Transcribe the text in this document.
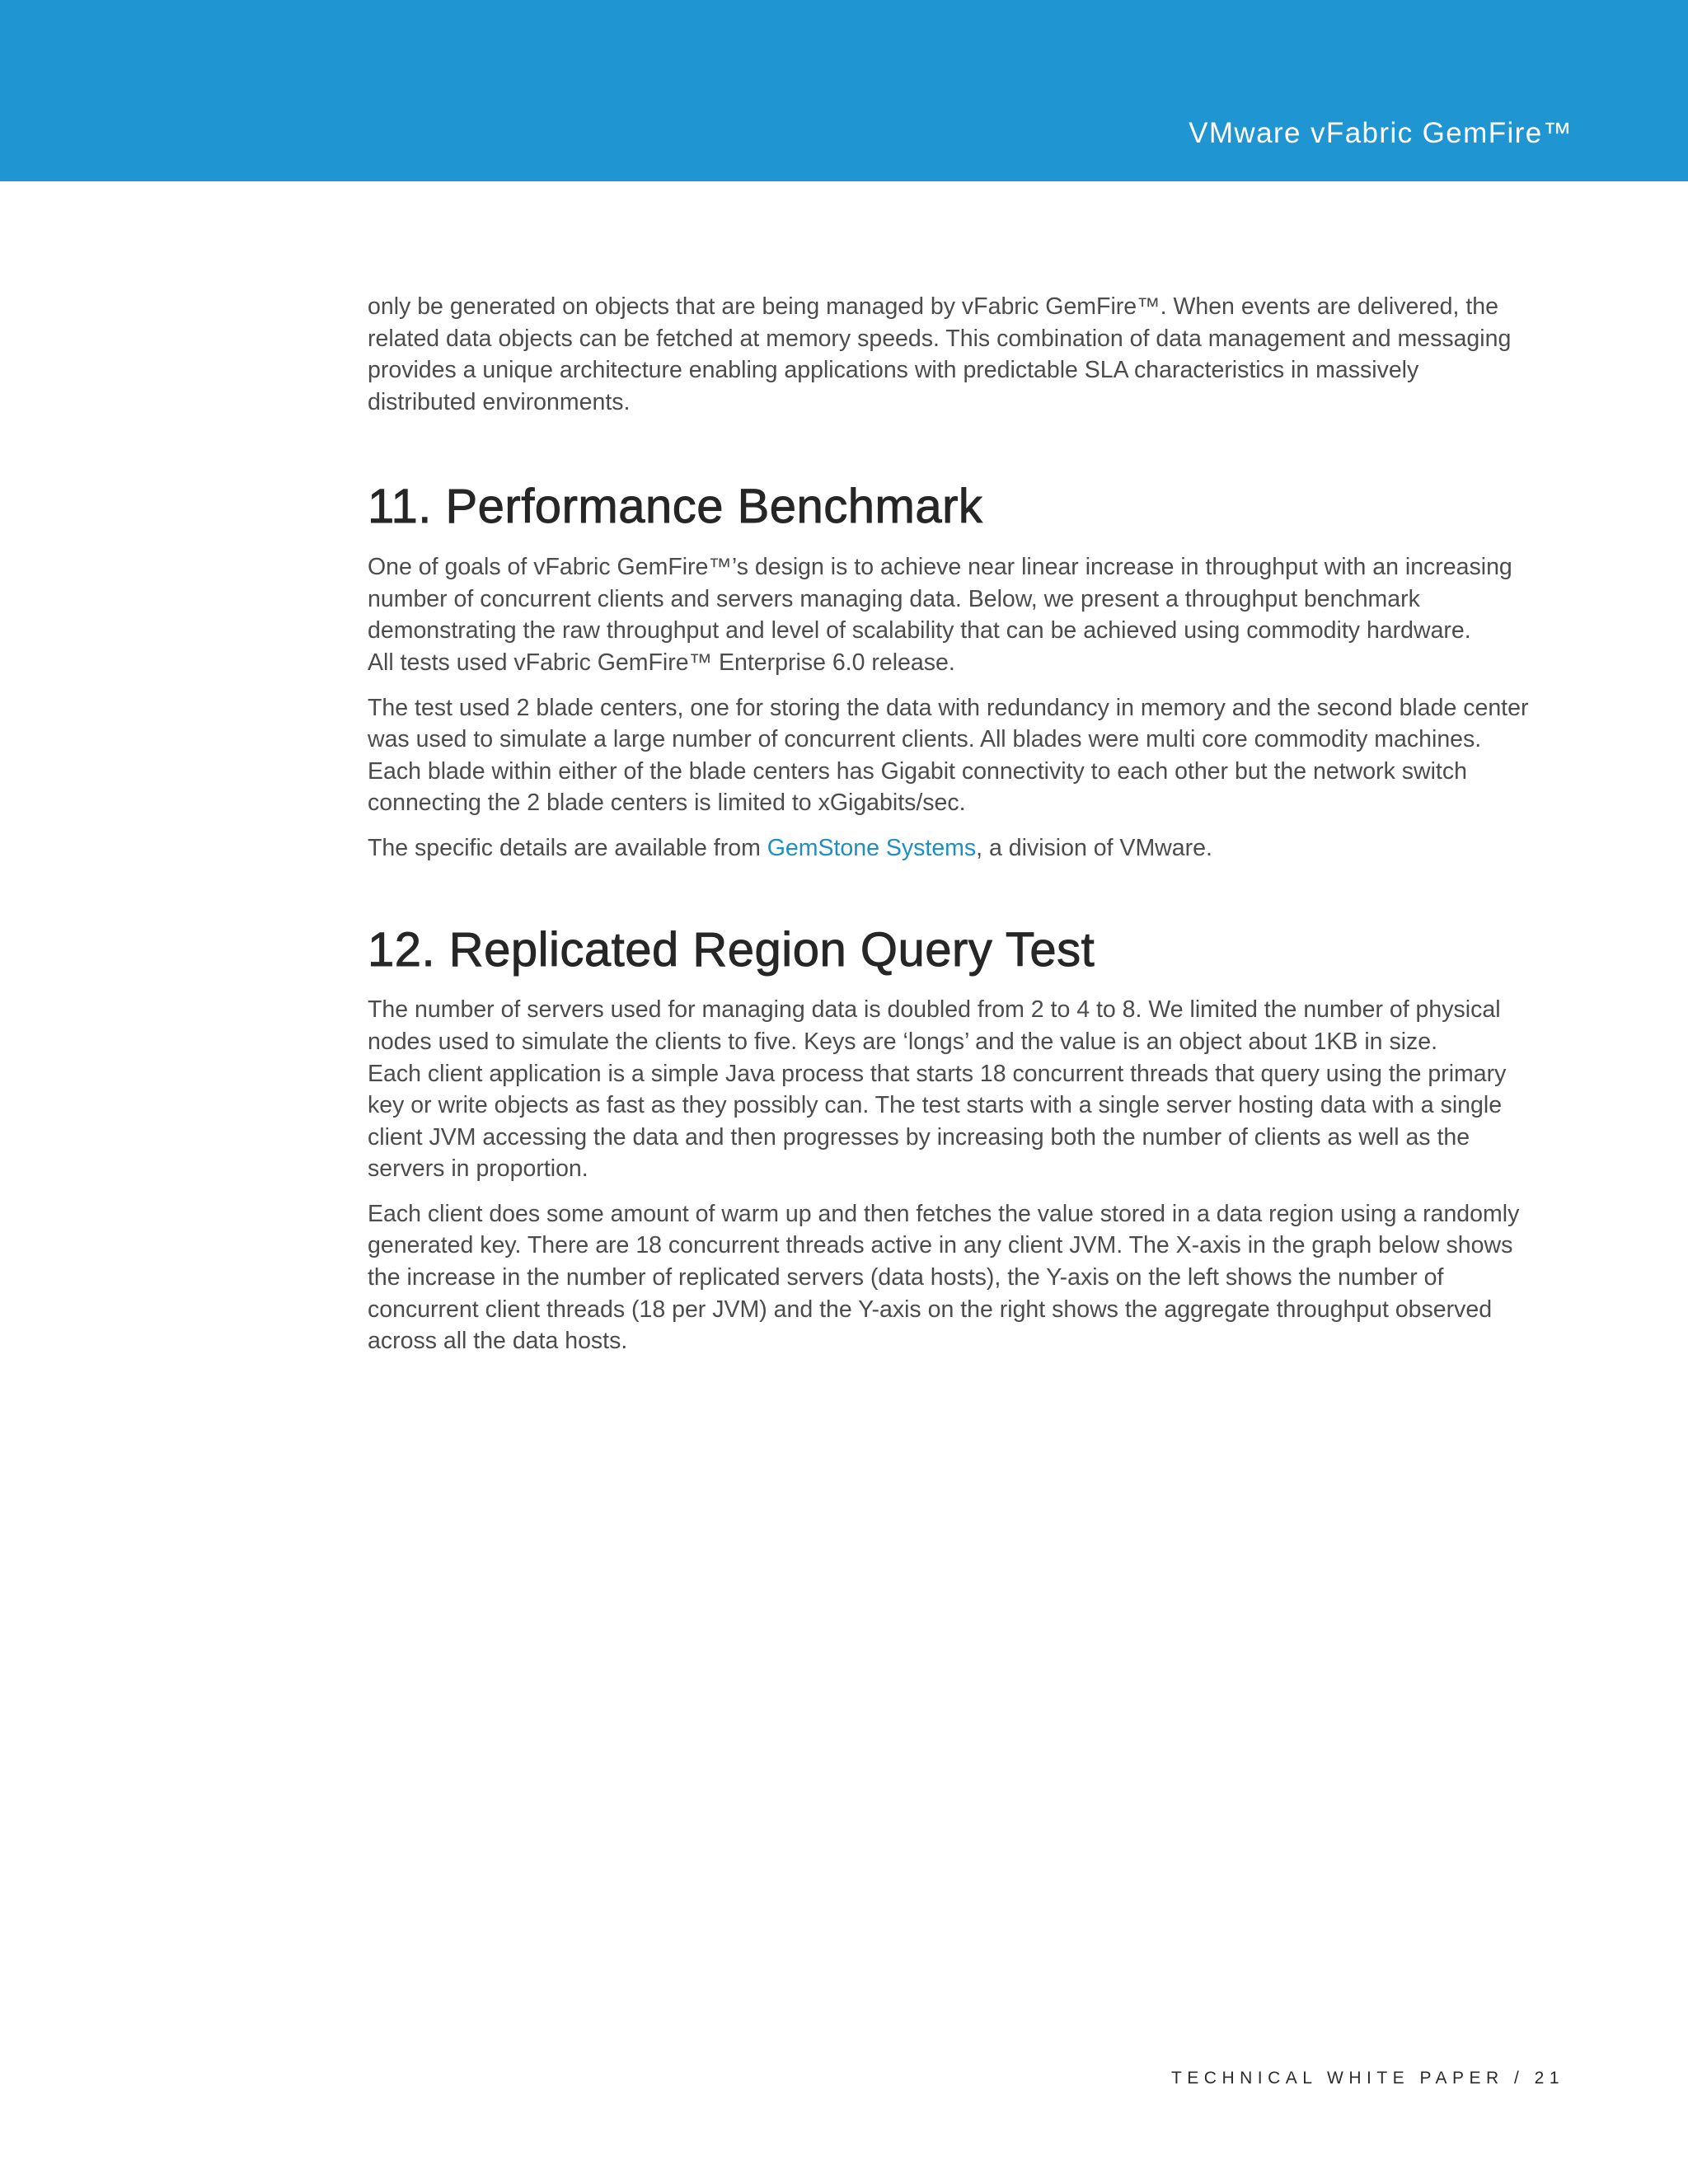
VMware vFabric GemFire™

only be generated on objects that are being managed by vFabric GemFire™. When events are delivered, the
related data objects can be fetched at memory speeds. This combination of data management and messaging
provides a unique architecture enabling applications with predictable SLA characteristics in massively
distributed environments.

11. Performance Benchmark

One of goals of vFabric GemFire™’s design is to achieve near linear increase in throughput with an increasing
number of concurrent clients and servers managing data. Below, we present a throughput benchmark
demonstrating the raw throughput and level of scalability that can be achieved using commodity hardware.
All tests used vFabric GemFire™ Enterprise 6.0 release.

The test used 2 blade centers, one for storing the data with redundancy in memory and the second blade center
was used to simulate a large number of concurrent clients. All blades were multi core commodity machines.
Each blade within either of the blade centers has Gigabit connectivity to each other but the network switch
connecting the 2 blade centers is limited to xGigabits/sec.

The specific details are available from GemStone Systems, a division of VMware.

12. Replicated Region Query Test

The number of servers used for managing data is doubled from 2 to 4 to 8. We limited the number of physical
nodes used to simulate the clients to five. Keys are ‘longs’ and the value is an object about 1KB in size.
Each client application is a simple Java process that starts 18 concurrent threads that query using the primary
key or write objects as fast as they possibly can. The test starts with a single server hosting data with a single
client JVM accessing the data and then progresses by increasing both the number of clients as well as the
servers in proportion.

Each client does some amount of warm up and then fetches the value stored in a data region using a randomly
generated key. There are 18 concurrent threads active in any client JVM. The X-axis in the graph below shows
the increase in the number of replicated servers (data hosts), the Y-axis on the left shows the number of
concurrent client threads (18 per JVM) and the Y-axis on the right shows the aggregate throughput observed
across all the data hosts.

TECHNICAL WHITE PAPER / 21
